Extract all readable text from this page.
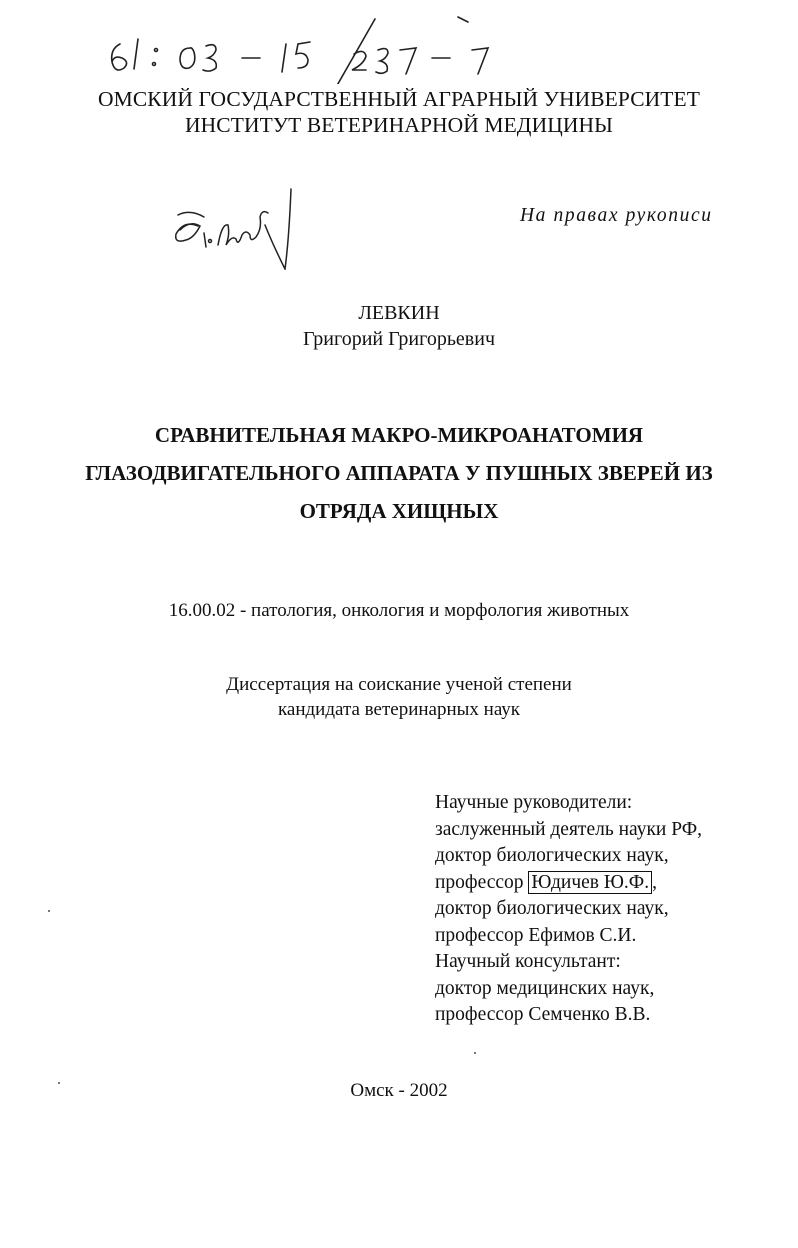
ОМСКИЙ ГОСУДАРСТВЕННЫЙ АГРАРНЫЙ УНИВЕРСИТЕТ
ИНСТИТУТ ВЕТЕРИНАРНОЙ МЕДИЦИНЫ
На правах рукописи
ЛЕВКИН
Григорий Григорьевич
СРАВНИТЕЛЬНАЯ МАКРО-МИКРОАНАТОМИЯ
ГЛАЗОДВИГАТЕЛЬНОГО АППАРАТА У ПУШНЫХ ЗВЕРЕЙ ИЗ
ОТРЯДА ХИЩНЫХ
16.00.02 - патология, онкология и морфология животных
Диссертация на соискание ученой степени
кандидата ветеринарных наук
Научные руководители:
заслуженный деятель науки РФ,
доктор биологических наук,
профессор Юдичев Ю.Ф. ,
доктор биологических наук,
профессор Ефимов С.И.
Научный консультант:
доктор медицинских наук,
профессор Семченко В.В.
Омск - 2002
